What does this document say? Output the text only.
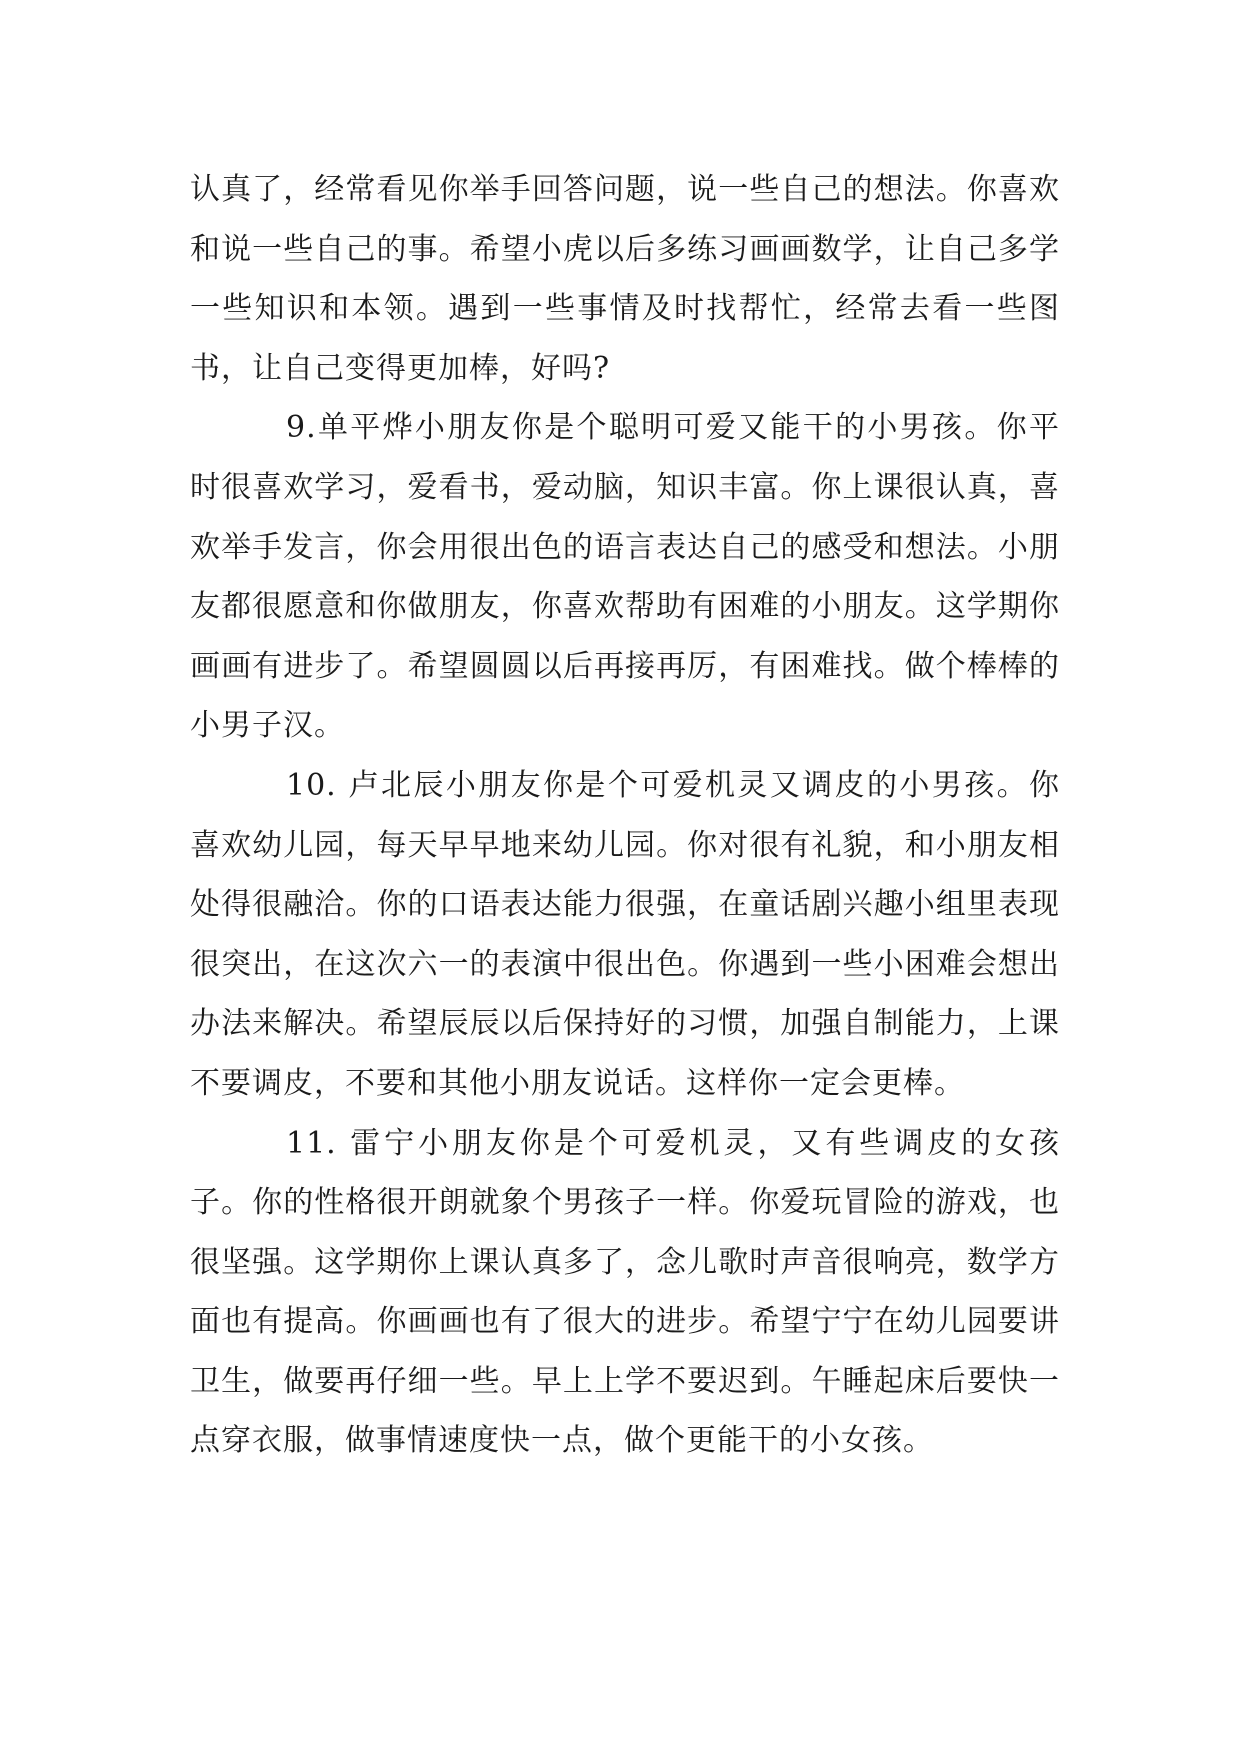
认真了，经常看见你举手回答问题，说一些自己的想法。你喜欢和说一些自己的事。希望小虎以后多练习画画数学，让自己多学一些知识和本领。遇到一些事情及时找帮忙，经常去看一些图书，让自己变得更加棒，好吗?

9.单平烨小朋友你是个聪明可爱又能干的小男孩。你平时很喜欢学习，爱看书，爱动脑，知识丰富。你上课很认真，喜欢举手发言，你会用很出色的语言表达自己的感受和想法。小朋友都很愿意和你做朋友，你喜欢帮助有困难的小朋友。这学期你画画有进步了。希望圆圆以后再接再厉，有困难找。做个棒棒的小男子汉。

10. 卢北辰小朋友你是个可爱机灵又调皮的小男孩。你喜欢幼儿园，每天早早地来幼儿园。你对很有礼貌，和小朋友相处得很融洽。你的口语表达能力很强，在童话剧兴趣小组里表现很突出，在这次六一的表演中很出色。你遇到一些小困难会想出办法来解决。希望辰辰以后保持好的习惯，加强自制能力，上课不要调皮，不要和其他小朋友说话。这样你一定会更棒。

11. 雷宁小朋友你是个可爱机灵，又有些调皮的女孩子。你的性格很开朗就象个男孩子一样。你爱玩冒险的游戏，也很坚强。这学期你上课认真多了，念儿歌时声音很响亮，数学方面也有提高。你画画也有了很大的进步。希望宁宁在幼儿园要讲卫生，做要再仔细一些。早上上学不要迟到。午睡起床后要快一点穿衣服，做事情速度快一点，做个更能干的小女孩。
